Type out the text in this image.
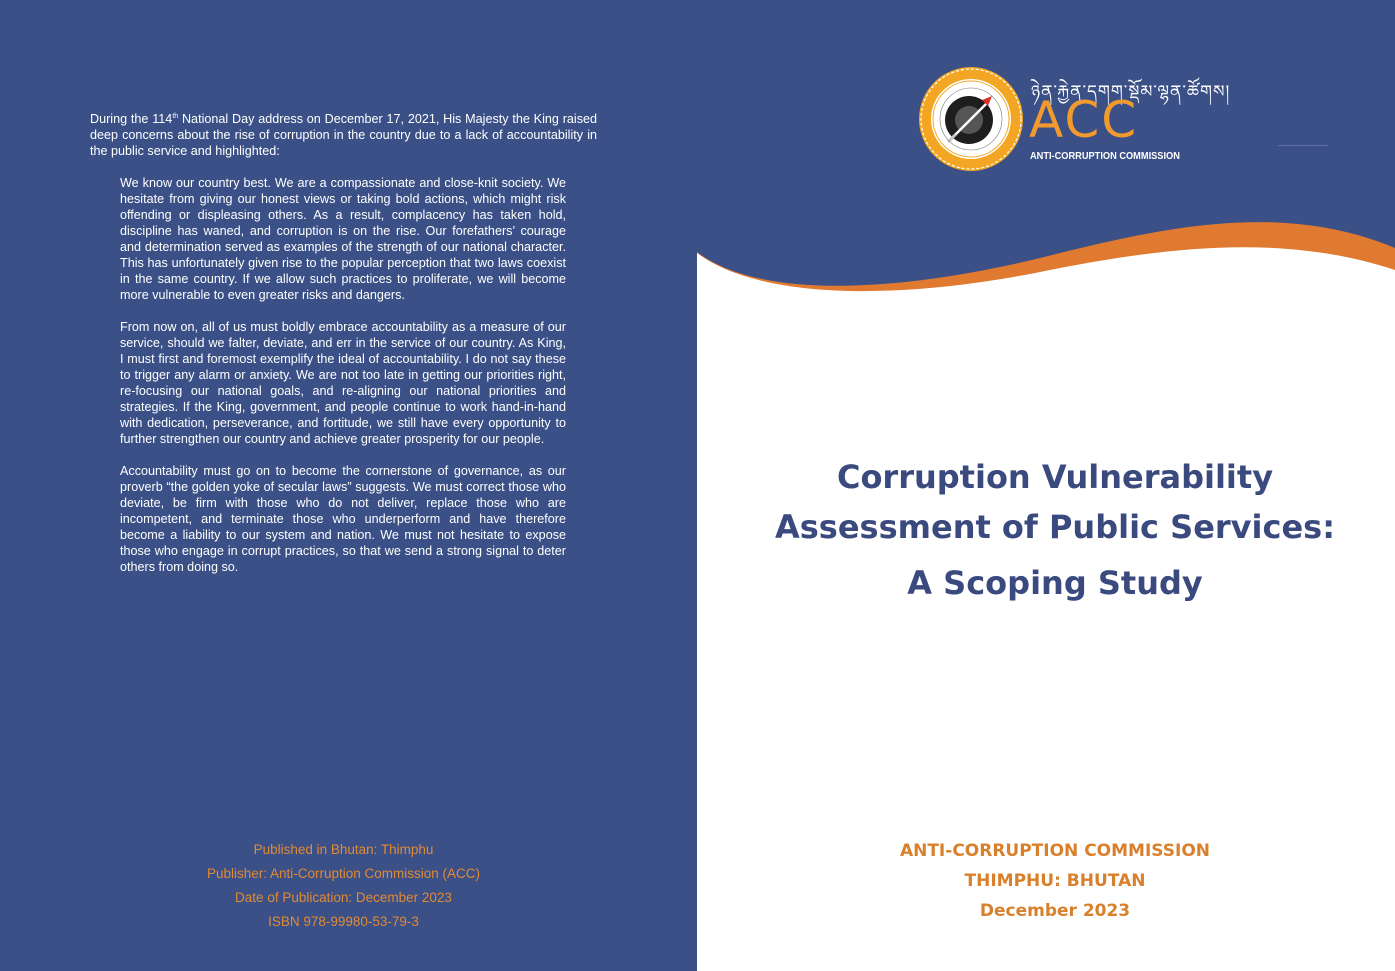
During the 114th National Day address on December 17, 2021, His Majesty the King raised deep concerns about the rise of corruption in the country due to a lack of accountability in the public service and highlighted:

We know our country best. We are a compassionate and close-knit society. We hesitate from giving our honest views or taking bold actions, which might risk offending or displeasing others. As a result, complacency has taken hold, discipline has waned, and corruption is on the rise. Our forefathers’ courage and determination served as examples of the strength of our national character. This has unfortunately given rise to the popular perception that two laws coexist in the same country. If we allow such practices to proliferate, we will become more vulnerable to even greater risks and dangers.

From now on, all of us must boldly embrace accountability as a measure of our service, should we falter, deviate, and err in the service of our country. As King, I must first and foremost exemplify the ideal of accountability. I do not say these to trigger any alarm or anxiety. We are not too late in getting our priorities right, re-focusing our national goals, and re-aligning our national priorities and strategies. If the King, government, and people continue to work hand-in-hand with dedication, perseverance, and fortitude, we still have every opportunity to further strengthen our country and achieve greater prosperity for our people.

Accountability must go on to become the cornerstone of governance, as our proverb “the golden yoke of secular laws” suggests. We must correct those who deviate, be firm with those who do not deliver, replace those who are incompetent, and terminate those who underperform and have therefore become a liability to our system and nation. We must not hesitate to expose those who engage in corrupt practices, so that we send a strong signal to deter others from doing so.

Published in Bhutan: Thimphu
Publisher: Anti-Corruption Commission (ACC)
Date of Publication: December 2023
ISBN 978-99980-53-79-3
ཉེན་རྐྱེན་དགག་སྡོམ་ལྷན་ཚོགས།
ACC
ANTI-CORRUPTION COMMISSION
Corruption Vulnerability
Assessment of Public Services:
A Scoping Study
ANTI-CORRUPTION COMMISSION
THIMPHU: BHUTAN
December 2023
